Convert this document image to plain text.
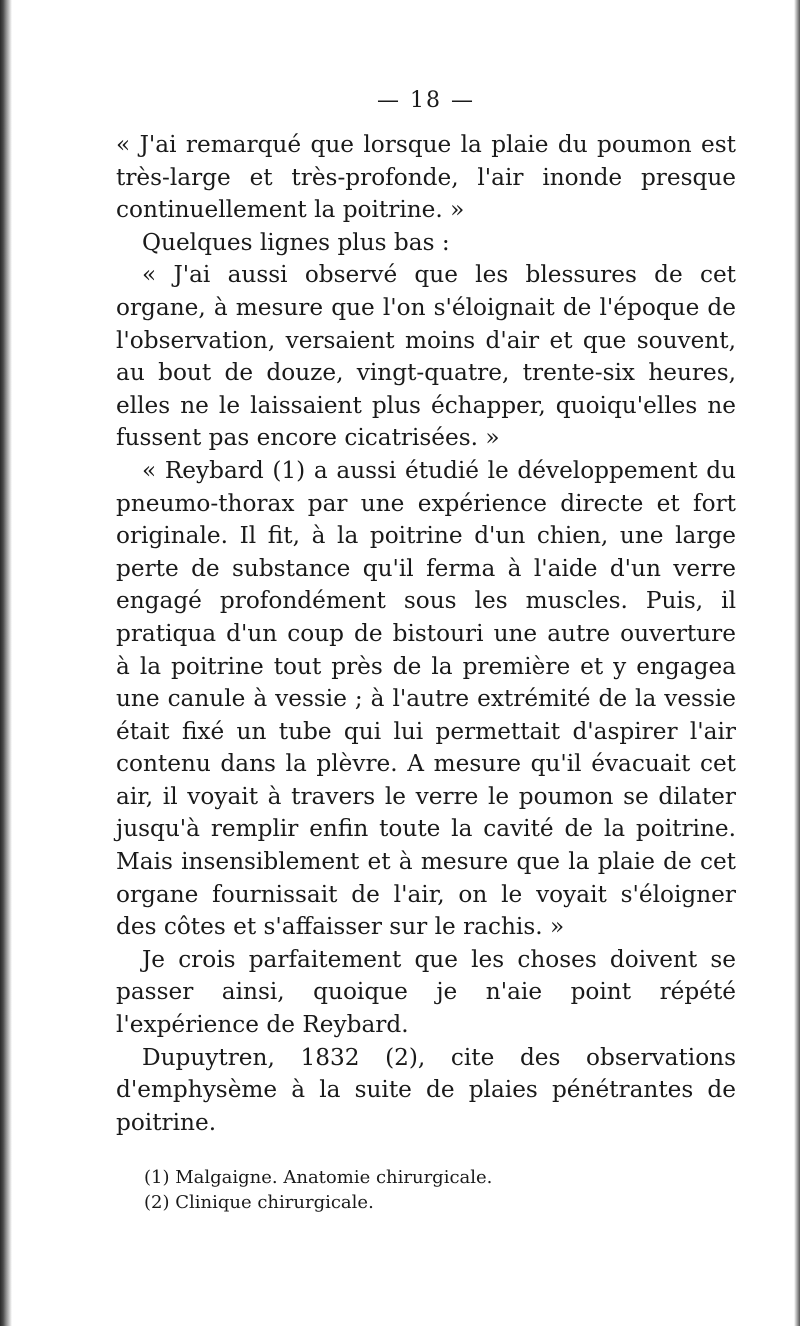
— 18 —

« J'ai remarqué que lorsque la plaie du poumon est très-large et très-profonde, l'air inonde presque continuellement la poitrine. »

Quelques lignes plus bas :

« J'ai aussi observé que les blessures de cet organe, à mesure que l'on s'éloignait de l'époque de l'observation, versaient moins d'air et que souvent, au bout de douze, vingt-quatre, trente-six heures, elles ne le laissaient plus échapper, quoiqu'elles ne fussent pas encore cicatrisées. »

« Reybard (1) a aussi étudié le développement du pneumo-thorax par une expérience directe et fort originale. Il fit, à la poitrine d'un chien, une large perte de substance qu'il ferma à l'aide d'un verre engagé profondément sous les muscles. Puis, il pratiqua d'un coup de bistouri une autre ouverture à la poitrine tout près de la première et y engagea une canule à vessie ; à l'autre extrémité de la vessie était fixé un tube qui lui permettait d'aspirer l'air contenu dans la plèvre. A mesure qu'il évacuait cet air, il voyait à travers le verre le poumon se dilater jusqu'à remplir enfin toute la cavité de la poitrine. Mais insensiblement et à mesure que la plaie de cet organe fournissait de l'air, on le voyait s'éloigner des côtes et s'affaisser sur le rachis. »

Je crois parfaitement que les choses doivent se passer ainsi, quoique je n'aie point répété l'expérience de Reybard.

Dupuytren, 1832 (2), cite des observations d'emphysème à la suite de plaies pénétrantes de poitrine.

(1) Malgaigne. Anatomie chirurgicale.

(2) Clinique chirurgicale.
